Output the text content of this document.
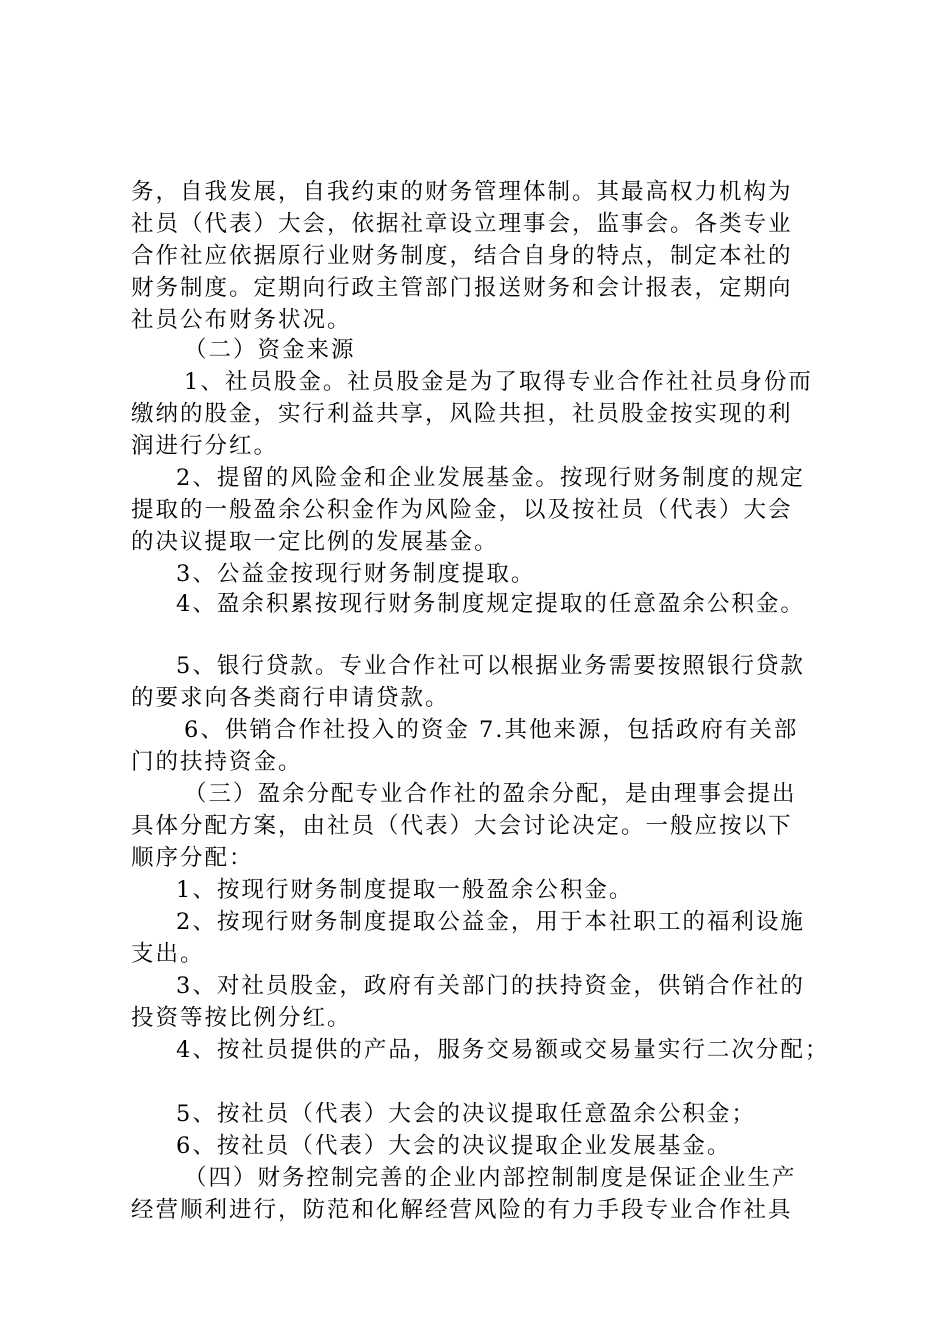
务，自我发展，自我约束的财务管理体制。其最高权力机构为

社员（代表）大会，依据社章设立理事会，监事会。各类专业

合作社应依据原行业财务制度，结合自身的特点，制定本社的

财务制度。定期向行政主管部门报送财务和会计报表，定期向

社员公布财务状况。

（二）资金来源

1、社员股金。社员股金是为了取得专业合作社社员身份而

缴纳的股金，实行利益共享，风险共担，社员股金按实现的利

润进行分红。

2、提留的风险金和企业发展基金。按现行财务制度的规定

提取的一般盈余公积金作为风险金，以及按社员（代表）大会

的决议提取一定比例的发展基金。

3、公益金按现行财务制度提取。

4、盈余积累按现行财务制度规定提取的任意盈余公积金。

5、银行贷款。专业合作社可以根据业务需要按照银行贷款

的要求向各类商行申请贷款。

6、供销合作社投入的资金 7.其他来源，包括政府有关部

门的扶持资金。

（三）盈余分配专业合作社的盈余分配，是由理事会提出

具体分配方案，由社员（代表）大会讨论决定。一般应按以下

顺序分配：

1、按现行财务制度提取一般盈余公积金。

2、按现行财务制度提取公益金，用于本社职工的福利设施

支出。

3、对社员股金，政府有关部门的扶持资金，供销合作社的

投资等按比例分红。

4、按社员提供的产品，服务交易额或交易量实行二次分配；

5、按社员（代表）大会的决议提取任意盈余公积金；

6、按社员（代表）大会的决议提取企业发展基金。

（四）财务控制完善的企业内部控制制度是保证企业生产

经营顺利进行，防范和化解经营风险的有力手段专业合作社具
